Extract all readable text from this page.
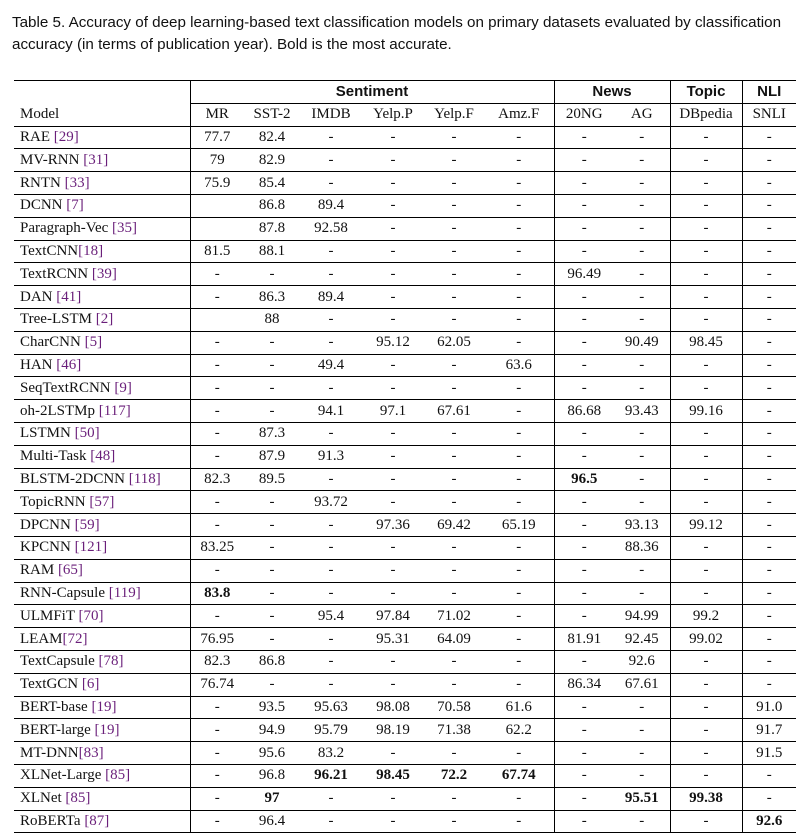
Table 5. Accuracy of deep learning-based text classification models on primary datasets evaluated by classification accuracy (in terms of publication year). Bold is the most accurate.
	Sentiment						News		Topic	NLI
Model	MR	SST-2	IMDB	Yelp.P	Yelp.F	Amz.F	20NG	AG	DBpedia	SNLI
RAE [29]	77.7	82.4	-	-	-	-	-	-	-	-
MV-RNN [31]	79	82.9	-	-	-	-	-	-	-	-
RNTN [33]	75.9	85.4	-	-	-	-	-	-	-	-
DCNN [7]		86.8	89.4	-	-	-	-	-	-	-
Paragraph-Vec [35]		87.8	92.58	-	-	-	-	-	-	-
TextCNN[18]	81.5	88.1	-	-	-	-	-	-	-	-
TextRCNN [39]	-	-	-	-	-	-	96.49	-	-	-
DAN [41]	-	86.3	89.4	-	-	-	-	-	-	-
Tree-LSTM [2]		88	-	-	-	-	-	-	-	-
CharCNN [5]	-	-	-	95.12	62.05	-	-	90.49	98.45	-
HAN [46]	-	-	49.4	-	-	63.6	-	-	-	-
SeqTextRCNN [9]	-	-	-	-	-	-	-	-	-	-
oh-2LSTMp [117]	-	-	94.1	97.1	67.61	-	86.68	93.43	99.16	-
LSTMN [50]	-	87.3	-	-	-	-	-	-	-	-
Multi-Task [48]	-	87.9	91.3	-	-	-	-	-	-	-
BLSTM-2DCNN [118]	82.3	89.5	-	-	-	-	96.5	-	-	-
TopicRNN [57]	-	-	93.72	-	-	-	-	-	-	-
DPCNN [59]	-	-	-	97.36	69.42	65.19	-	93.13	99.12	-
KPCNN [121]	83.25	-	-	-	-	-	-	88.36	-	-
RAM [65]	-	-	-	-	-	-	-	-	-	-
RNN-Capsule [119]	83.8	-	-	-	-	-	-	-	-	-
ULMFiT [70]	-	-	95.4	97.84	71.02	-	-	94.99	99.2	-
LEAM[72]	76.95	-	-	95.31	64.09	-	81.91	92.45	99.02	-
TextCapsule [78]	82.3	86.8	-	-	-	-	-	92.6	-	-
TextGCN [6]	76.74	-	-	-	-	-	86.34	67.61	-	-
BERT-base [19]	-	93.5	95.63	98.08	70.58	61.6	-	-	-	91.0
BERT-large [19]	-	94.9	95.79	98.19	71.38	62.2	-	-	-	91.7
MT-DNN[83]	-	95.6	83.2	-	-	-	-	-	-	91.5
XLNet-Large [85]	-	96.8	96.21	98.45	72.2	67.74	-	-	-	-
XLNet [85]	-	97	-	-	-	-	-	95.51	99.38	-
RoBERTa [87]	-	96.4	-	-	-	-	-	-	-	92.6
